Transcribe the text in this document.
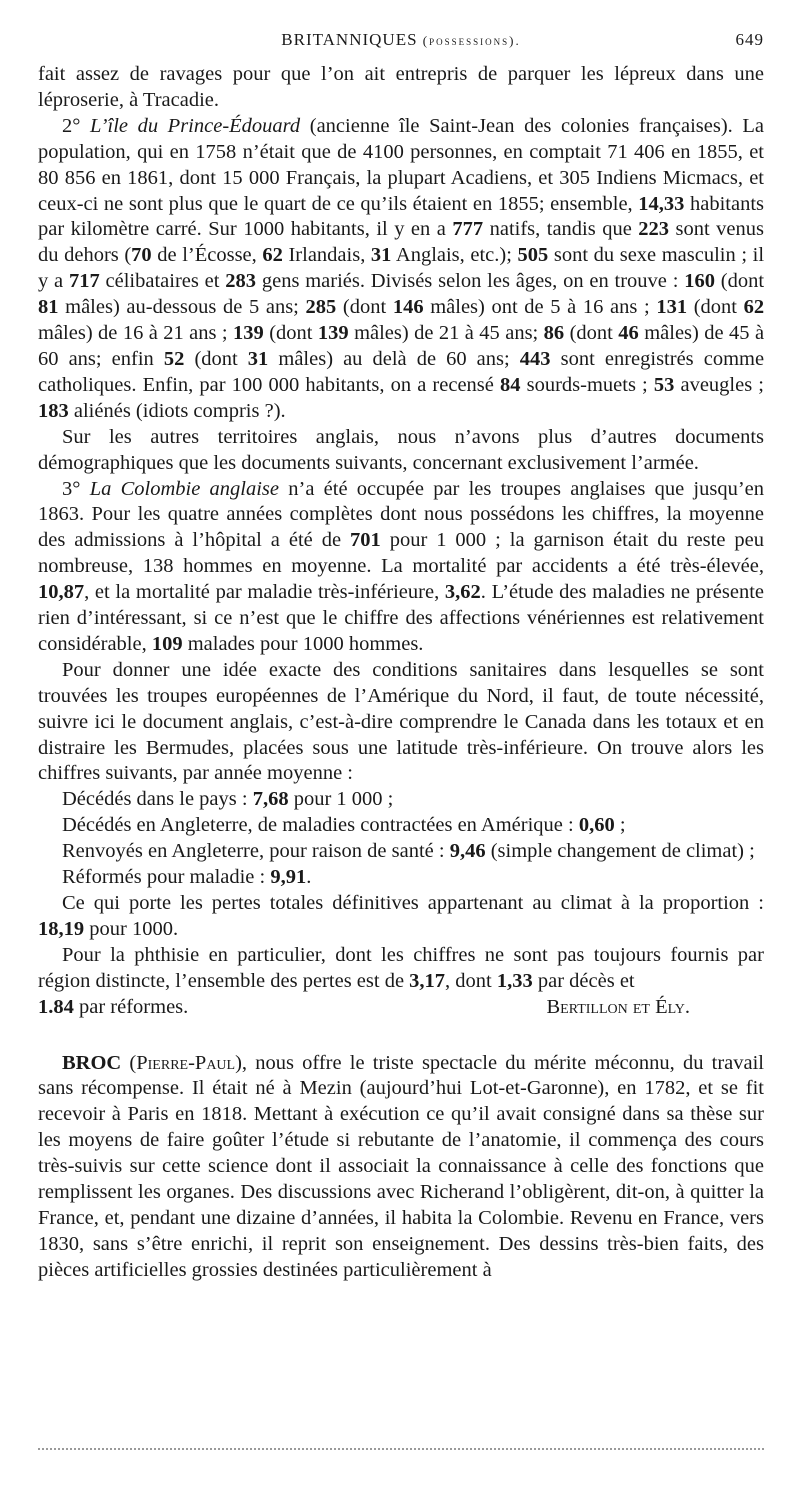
BRITANNIQUES (possessions).	649

fait assez de ravages pour que l’on ait entrepris de parquer les lépreux dans une léproserie, à Tracadie.

2° L’île du Prince-Édouard (ancienne île Saint-Jean des colonies françaises). La population, qui en 1758 n’était que de 4100 personnes, en comptait 71 406 en 1855, et 80 856 en 1861, dont 15 000 Français, la plupart Acadiens, et 305 Indiens Micmacs, et ceux-ci ne sont plus que le quart de ce qu’ils étaient en 1855; ensemble, 14,33 habitants par kilomètre carré. Sur 1000 habitants, il y en a 777 natifs, tandis que 223 sont venus du dehors (70 de l’Écosse, 62 Irlandais, 31 Anglais, etc.); 505 sont du sexe masculin ; il y a 717 célibataires et 283 gens mariés. Divisés selon les âges, on en trouve : 160 (dont 81 mâles) au-dessous de 5 ans; 285 (dont 146 mâles) ont de 5 à 16 ans ; 131 (dont 62 mâles) de 16 à 21 ans ; 139 (dont 139 mâles) de 21 à 45 ans; 86 (dont 46 mâles) de 45 à 60 ans; enfin 52 (dont 31 mâles) au delà de 60 ans; 443 sont enregistrés comme catholiques. Enfin, par 100 000 habitants, on a recensé 84 sourds-muets ; 53 aveugles ; 183 aliénés (idiots compris ?).

Sur les autres territoires anglais, nous n’avons plus d’autres documents démographiques que les documents suivants, concernant exclusivement l’armée.

3° La Colombie anglaise n’a été occupée par les troupes anglaises que jusqu’en 1863. Pour les quatre années complètes dont nous possédons les chiffres, la moyenne des admissions à l’hôpital a été de 701 pour 1 000 ; la garnison était du reste peu nombreuse, 138 hommes en moyenne. La mortalité par accidents a été très-élevée, 10,87, et la mortalité par maladie très-inférieure, 3,62. L’étude des maladies ne présente rien d’intéressant, si ce n’est que le chiffre des affections vénériennes est relativement considérable, 109 malades pour 1000 hommes.

Pour donner une idée exacte des conditions sanitaires dans lesquelles se sont trouvées les troupes européennes de l’Amérique du Nord, il faut, de toute nécessité, suivre ici le document anglais, c’est-à-dire comprendre le Canada dans les totaux et en distraire les Bermudes, placées sous une latitude très-inférieure. On trouve alors les chiffres suivants, par année moyenne :

Décédés dans le pays : 7,68 pour 1 000 ;

Décédés en Angleterre, de maladies contractées en Amérique : 0,60 ;

Renvoyés en Angleterre, pour raison de santé : 9,46 (simple changement de climat) ;

Réformés pour maladie : 9,91.

Ce qui porte les pertes totales définitives appartenant au climat à la proportion : 18,19 pour 1000.

Pour la phthisie en particulier, dont les chiffres ne sont pas toujours fournis par région distincte, l’ensemble des pertes est de 3,17, dont 1,33 par décès et

1.84 par réformes.	Bertillon et Ély.

BROC (Pierre-Paul), nous offre le triste spectacle du mérite méconnu, du travail sans récompense. Il était né à Mezin (aujourd’hui Lot-et-Garonne), en 1782, et se fit recevoir à Paris en 1818. Mettant à exécution ce qu’il avait consigné dans sa thèse sur les moyens de faire goûter l’étude si rebutante de l’anatomie, il commença des cours très-suivis sur cette science dont il associait la connaissance à celle des fonctions que remplissent les organes. Des discussions avec Richerand l’obligèrent, dit-on, à quitter la France, et, pendant une dizaine d’années, il habita la Colombie. Revenu en France, vers 1830, sans s’être enrichi, il reprit son enseignement. Des dessins très-bien faits, des pièces artificielles grossies destinées particulièrement à
